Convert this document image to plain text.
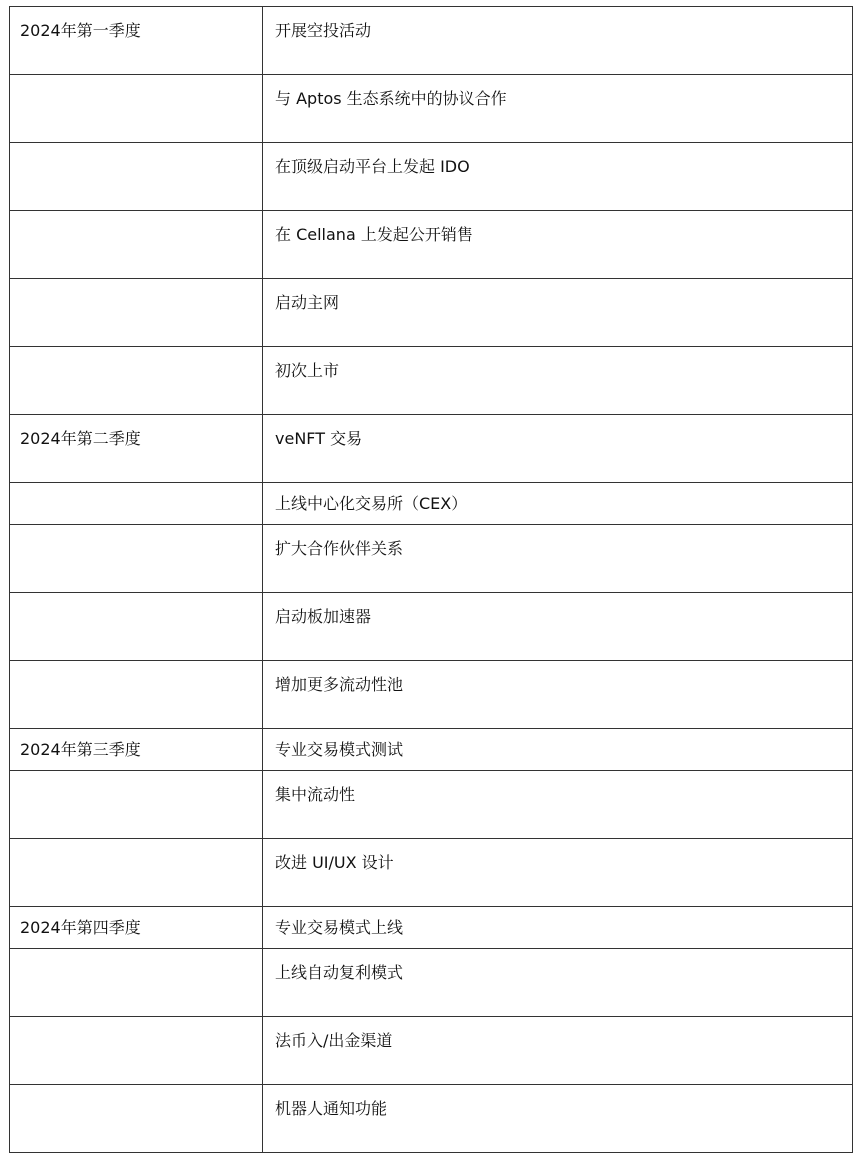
2024年第一季度	开展空投活动
	与 Aptos 生态系统中的协议合作
	在顶级启动平台上发起 IDO
	在 Cellana 上发起公开销售
	启动主网
	初次上市
2024年第二季度	veNFT 交易
	上线中心化交易所（CEX）
	扩大合作伙伴关系
	启动板加速器
	增加更多流动性池
2024年第三季度	专业交易模式测试
	集中流动性
	改进 UI/UX 设计
2024年第四季度	专业交易模式上线
	上线自动复利模式
	法币入/出金渠道
	机器人通知功能
